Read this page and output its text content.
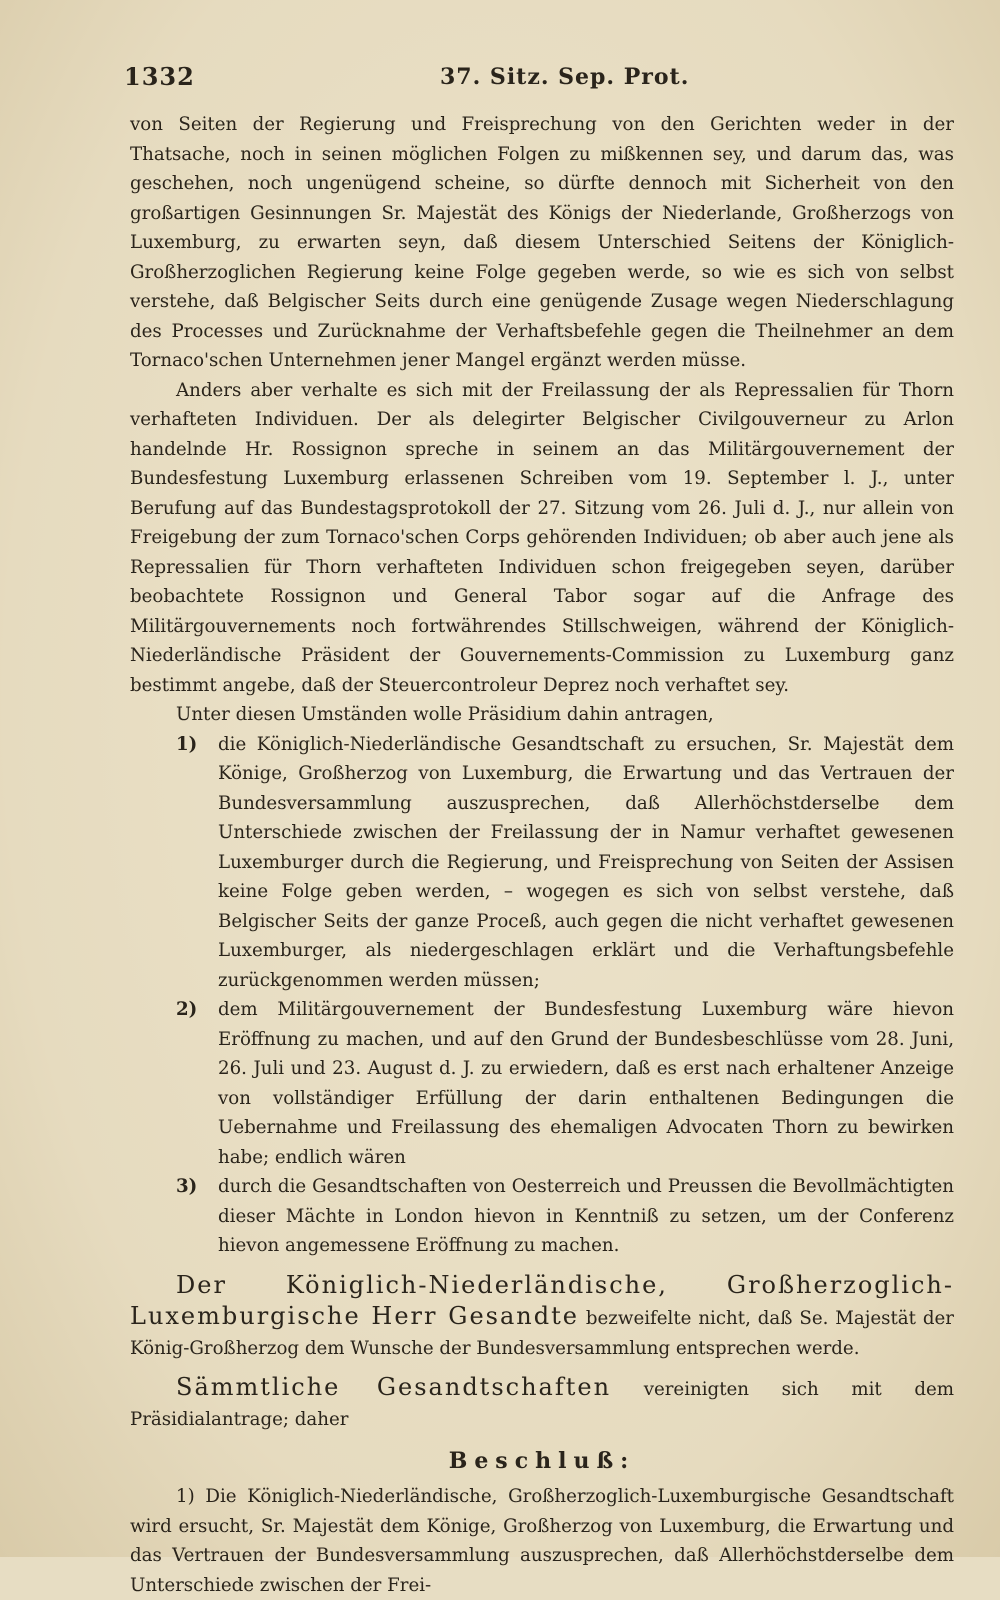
1332	37. Sitz. Sep. Prot.

von Seiten der Regierung und Freisprechung von den Gerichten weder in der Thatsache, noch in seinen möglichen Folgen zu mißkennen sey, und darum das, was geschehen, noch ungenügend scheine, so dürfte dennoch mit Sicherheit von den großartigen Gesinnungen Sr. Majestät des Königs der Niederlande, Großherzogs von Luxemburg, zu erwarten seyn, daß diesem Unterschied Seitens der Königlich-Großherzoglichen Regierung keine Folge gegeben werde, so wie es sich von selbst verstehe, daß Belgischer Seits durch eine genügende Zusage wegen Niederschlagung des Processes und Zurücknahme der Verhaftsbefehle gegen die Theilnehmer an dem Tornaco'schen Unternehmen jener Mangel ergänzt werden müsse.

Anders aber verhalte es sich mit der Freilassung der als Repressalien für Thorn verhafteten Individuen. Der als delegirter Belgischer Civilgouverneur zu Arlon handelnde Hr. Rossignon spreche in seinem an das Militärgouvernement der Bundesfestung Luxemburg erlassenen Schreiben vom 19. September l. J., unter Berufung auf das Bundestagsprotokoll der 27. Sitzung vom 26. Juli d. J., nur allein von Freigebung der zum Tornaco'schen Corps gehörenden Individuen; ob aber auch jene als Repressalien für Thorn verhafteten Individuen schon freigegeben seyen, darüber beobachtete Rossignon und General Tabor sogar auf die Anfrage des Militärgouvernements noch fortwährendes Stillschweigen, während der Königlich-Niederländische Präsident der Gouvernements-Commission zu Luxemburg ganz bestimmt angebe, daß der Steuercontroleur Deprez noch verhaftet sey.

Unter diesen Umständen wolle Präsidium dahin antragen,

1) die Königlich-Niederländische Gesandtschaft zu ersuchen, Sr. Majestät dem Könige, Großherzog von Luxemburg, die Erwartung und das Vertrauen der Bundesversammlung auszusprechen, daß Allerhöchstderselbe dem Unterschiede zwischen der Freilassung der in Namur verhaftet gewesenen Luxemburger durch die Regierung, und Freisprechung von Seiten der Assisen keine Folge geben werden, – wogegen es sich von selbst verstehe, daß Belgischer Seits der ganze Proceß, auch gegen die nicht verhaftet gewesenen Luxemburger, als niedergeschlagen erklärt und die Verhaftungsbefehle zurückgenommen werden müssen;
2) dem Militärgouvernement der Bundesfestung Luxemburg wäre hievon Eröffnung zu machen, und auf den Grund der Bundesbeschlüsse vom 28. Juni, 26. Juli und 23. August d. J. zu erwiedern, daß es erst nach erhaltener Anzeige von vollständiger Erfüllung der darin enthaltenen Bedingungen die Uebernahme und Freilassung des ehemaligen Advocaten Thorn zu bewirken habe; endlich wären
3) durch die Gesandtschaften von Oesterreich und Preussen die Bevollmächtigten dieser Mächte in London hievon in Kenntniß zu setzen, um der Conferenz hievon angemessene Eröffnung zu machen.

Der Königlich-Niederländische, Großherzoglich-Luxemburgische Herr Gesandte bezweifelte nicht, daß Se. Majestät der König-Großherzog dem Wunsche der Bundesversammlung entsprechen werde.

Sämmtliche Gesandtschaften vereinigten sich mit dem Präsidialantrage; daher

Beschluß:

1) Die Königlich-Niederländische, Großherzoglich-Luxemburgische Gesandtschaft wird ersucht, Sr. Majestät dem Könige, Großherzog von Luxemburg, die Erwartung und das Vertrauen der Bundesversammlung auszusprechen, daß Allerhöchstderselbe dem Unterschiede zwischen der Frei-
